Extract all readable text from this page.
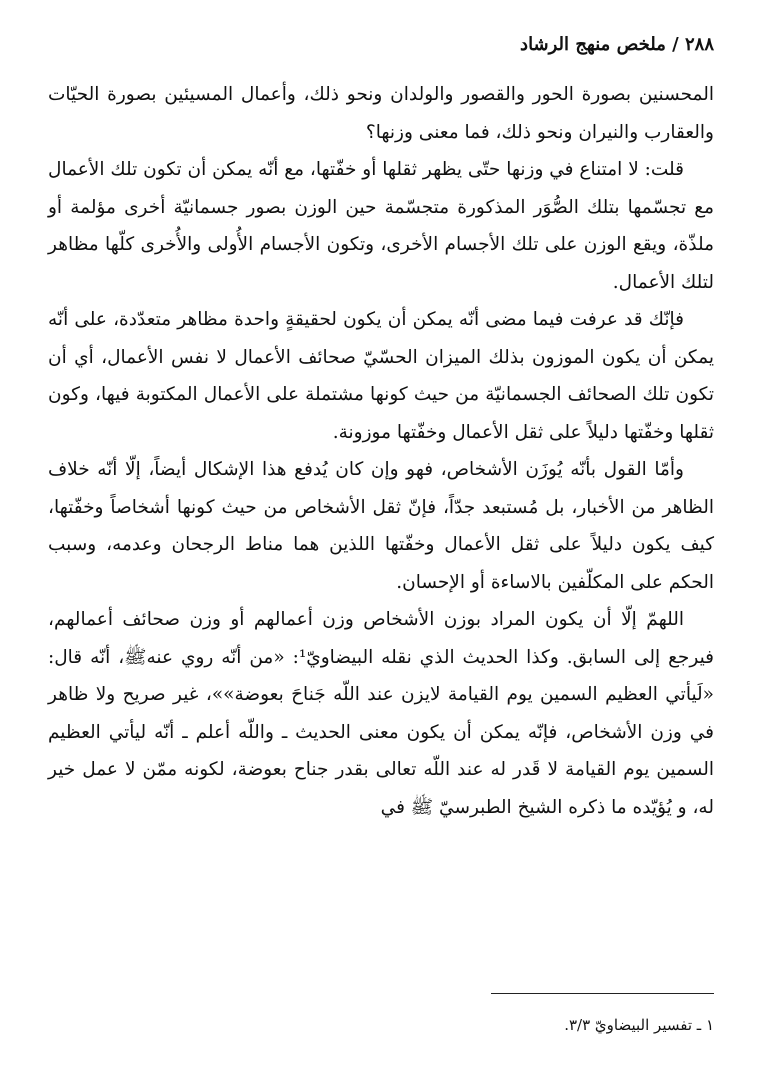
٢٨٨ / ملخص منهج الرشاد

المحسنين بصورة الحور والقصور والولدان ونحو ذلك، وأعمال المسيئين بصورة الحيّات والعقارب والنيران ونحو ذلك، فما معنى وزنها؟

قلت: لا امتناع في وزنها حتّى يظهر ثقلها أو خفّتها، مع أنّه يمكن أن تكون تلك الأعمال مع تجسّمها بتلك الصُّوَر المذكورة متجسّمة حين الوزن بصور جسمانيّة أخرى مؤلمة أو ملذّة، ويقع الوزن على تلك الأجسام الأخرى، وتكون الأجسام الأُولى والأُخرى كلّها مظاهر لتلك الأعمال.

فإنّك قد عرفت فيما مضى أنّه يمكن أن يكون لحقيقةٍ واحدة مظاهر متعدّدة، على أنّه يمكن أن يكون الموزون بذلك الميزان الحسّيّ صحائف الأعمال لا نفس الأعمال، أي أن تكون تلك الصحائف الجسمانيّة من حيث كونها مشتملة على الأعمال المكتوبة فيها، وكون ثقلها وخفّتها دليلاً على ثقل الأعمال وخفّتها موزونة.

وأمّا القول بأنّه يُوزَن الأشخاص، فهو وإن كان يُدفع هذا الإشكال أيضاً، إلّا أنّه خلاف الظاهر من الأخبار، بل مُستبعد جدّاً، فإنّ ثقل الأشخاص من حيث كونها أشخاصاً وخفّتها، كيف يكون دليلاً على ثقل الأعمال وخفّتها اللذين هما مناط الرجحان وعدمه، وسبب الحكم على المكلّفين بالاساءة أو الإحسان.

اللهمّ إلّا أن يكون المراد بوزن الأشخاص وزن أعمالهم أو وزن صحائف أعمالهم، فيرجع إلى السابق. وكذا الحديث الذي نقله البيضاويّ¹: «من أنّه روي عنهﷺ، أنّه قال: «لَيأتي العظيم السمين يوم القيامة لايزن عند اللّه جَناحَ بعوضة»»، غير صريح ولا ظاهر في وزن الأشخاص، فإنّه يمكن أن يكون معنى الحديث ـ واللّه أعلم ـ أنّه ليأتي العظيم السمين يوم القيامة لا قَدر له عند اللّه تعالى بقدر جناح بعوضة، لكونه ممّن لا عمل خير له، و يُؤيّده ما ذكره الشيخ الطبرسيّ ﷺ في

١ ـ تفسير البيضاويّ ٣/٣.
